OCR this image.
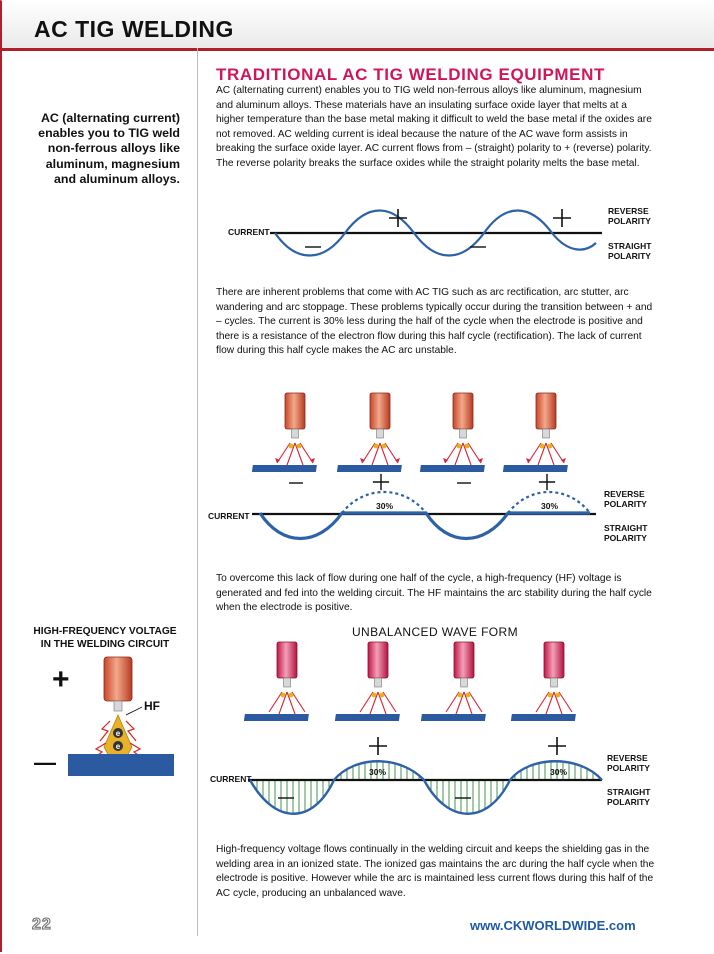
AC TIG WELDING
AC (alternating current) enables you to TIG weld non-ferrous alloys like aluminum, magnesium and aluminum alloys.
TRADITIONAL AC TIG WELDING EQUIPMENT
AC (alternating current) enables you to TIG weld non-ferrous alloys like aluminum, magnesium and aluminum alloys. These materials have an insulating surface oxide layer that melts at a higher temperature than the base metal making it difficult to weld the base metal if the oxides are not removed. AC welding current is ideal because the nature of the AC wave form assists in breaking the surface oxide layer. AC current flows from – (straight) polarity to + (reverse) polarity. The reverse polarity breaks the surface oxides while the straight polarity melts the base metal.
CURRENT
REVERSE
POLARITY
STRAIGHT
POLARITY
There are inherent problems that come with AC TIG such as arc rectification, arc stutter, arc wandering and arc stoppage. These problems typically occur during the transition between + and – cycles. The current is 30% less during the half of the cycle when the electrode is positive and there is a resistance of the electron flow during this half cycle (rectification). The lack of current flow during this half cycle makes the AC arc unstable.
30%	30%
CURRENT
REVERSE
POLARITY
STRAIGHT
POLARITY
To overcome this lack of flow during one half of the cycle, a high-frequency (HF) voltage is generated and fed into the welding circuit. The HF maintains the arc stability during the half cycle when the electrode is positive.
HIGH-FREQUENCY VOLTAGE IN THE WELDING CIRCUIT
+
HF
e
e
—
UNBALANCED WAVE FORM
30%	30%
CURRENT
REVERSE
POLARITY
STRAIGHT
POLARITY
High-frequency voltage flows continually in the welding circuit and keeps the shielding gas in the welding area in an ionized state. The ionized gas maintains the arc during the half cycle when the electrode is positive. However while the arc is maintained less current flows during this half of the AC cycle, producing an unbalanced wave.
22	www.CKWORLDWIDE.com
